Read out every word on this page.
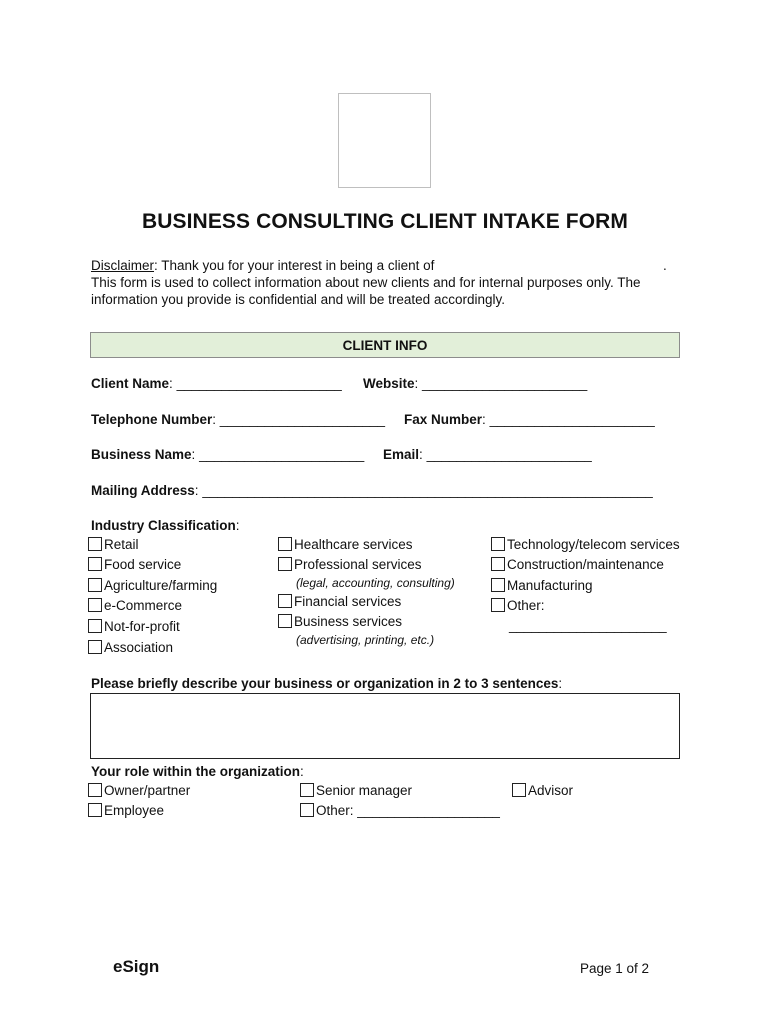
BUSINESS CONSULTING CLIENT INTAKE FORM
Disclaimer: Thank you for your interest in being a client of	.
This form is used to collect information about new clients and for internal purposes only. The
information you provide is confidential and will be treated accordingly.
CLIENT INFO
Client Name: ______________________ Website: ______________________
Telephone Number: ______________________ Fax Number: ______________________
Business Name: ______________________ Email: ______________________
Mailing Address: ____________________________________________________________
Industry Classification:
Retail
Food service
Agriculture/farming
e-Commerce
Not-for-profit
Association
Healthcare services
Professional services
(legal, accounting, consulting)
Financial services
Business services
(advertising, printing, etc.)
Technology/telecom services
Construction/maintenance
Manufacturing
Other:
_____________________
Please briefly describe your business or organization in 2 to 3 sentences:
Your role within the organization:
Owner/partner
Employee
Senior manager
Other: ___________________
Advisor
eSign	Page 1 of 2
